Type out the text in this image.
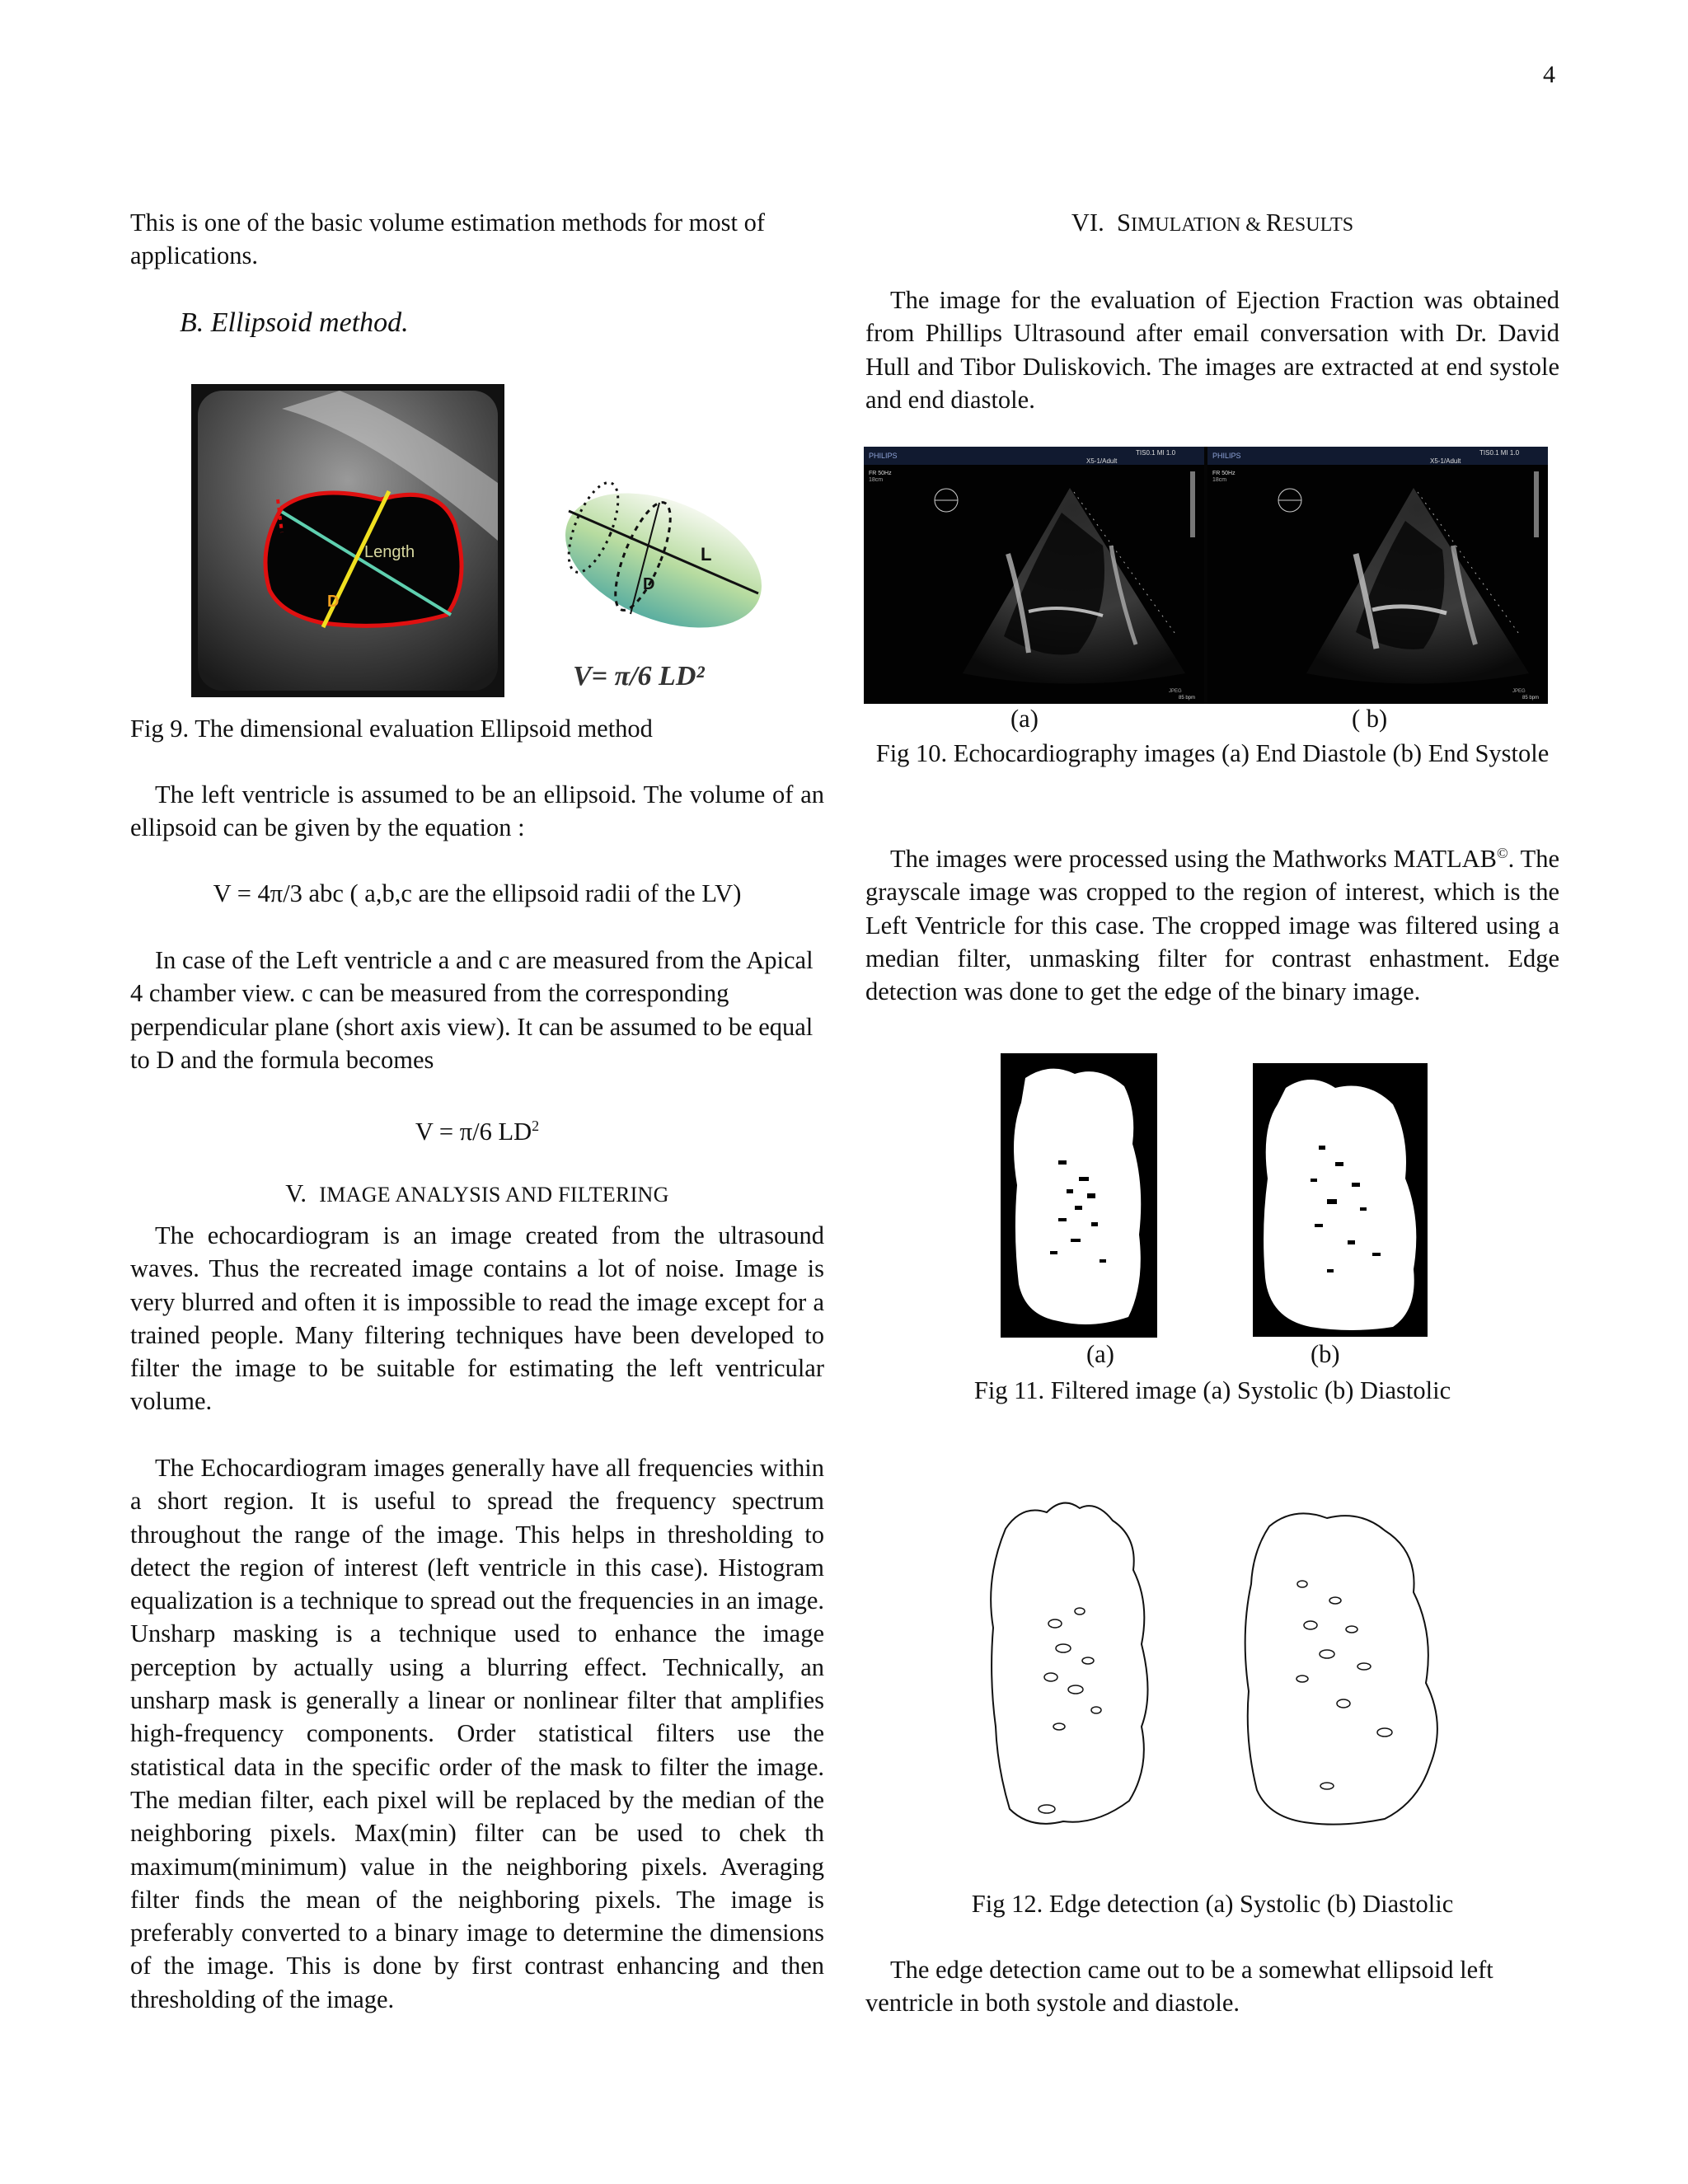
4

This is one of the basic volume estimation methods for most of applications.

B. Ellipsoid method.

Length
D
L
D
V= π/6 LD²

Fig 9. The dimensional evaluation Ellipsoid method

The left ventricle is assumed to be an ellipsoid. The volume of an ellipsoid can be given by the equation :

V = 4π/3 abc ( a,b,c are the ellipsoid radii of the LV)

In case of the Left ventricle a and c are measured from the Apical 4 chamber view. c can be measured from the corresponding perpendicular plane (short axis view). It can be assumed to be equal to D and the formula becomes

V = π/6 $LD^2$

V. IMAGE ANALYSIS AND FILTERING

The echocardiogram is an image created from the ultrasound waves. Thus the recreated image contains a lot of noise. Image is very blurred and often it is impossible to read the image except for a trained people. Many filtering techniques have been developed to filter the image to be suitable for estimating the left ventricular volume.

The Echocardiogram images generally have all frequencies within a short region. It is useful to spread the frequency spectrum throughout the range of the image. This helps in thresholding to detect the region of interest (left ventricle in this case). Histogram equalization is a technique to spread out the frequencies in an image. Unsharp masking is a technique used to enhance the image perception by actually using a blurring effect. Technically, an unsharp mask is generally a linear or nonlinear filter that amplifies high-frequency components. Order statistical filters use the statistical data in the specific order of the mask to filter the image. The median filter, each pixel will be replaced by the median of the neighboring pixels. Max(min) filter can be used to chek th maximum(minimum) value in the neighboring pixels. Averaging filter finds the mean of the neighboring pixels. The image is preferably converted to a binary image to determine the dimensions of the image. This is done by first contrast enhancing and then thresholding of the image.

VI. SIMULATION & RESULTS

The image for the evaluation of Ejection Fraction was obtained from Phillips Ultrasound after email conversation with Dr. David Hull and Tibor Duliskovich. The images are extracted at end systole and end diastole.

PHILIPS	TIS0.1 MI 1.0
X5-1/Adult
FR 50Hz
18cm
JPEG
85 bpm
PHILIPS	TIS0.1 MI 1.0
X5-1/Adult
FR 50Hz
18cm
JPEG
85 bpm
(a)	( b)

Fig 10. Echocardiography images (a) End Diastole (b) End Systole

The images were processed using the Mathworks MATLAB©. The grayscale image was cropped to the region of interest, which is the Left Ventricle for this case. The cropped image was filtered using a median filter, unmasking filter for contrast enhastment. Edge detection was done to get the edge of the binary image.

(a)	(b)

Fig 11. Filtered image (a) Systolic (b) Diastolic

Fig 12. Edge detection (a) Systolic (b) Diastolic

The edge detection came out to be a somewhat ellipsoid left ventricle in both systole and diastole.
